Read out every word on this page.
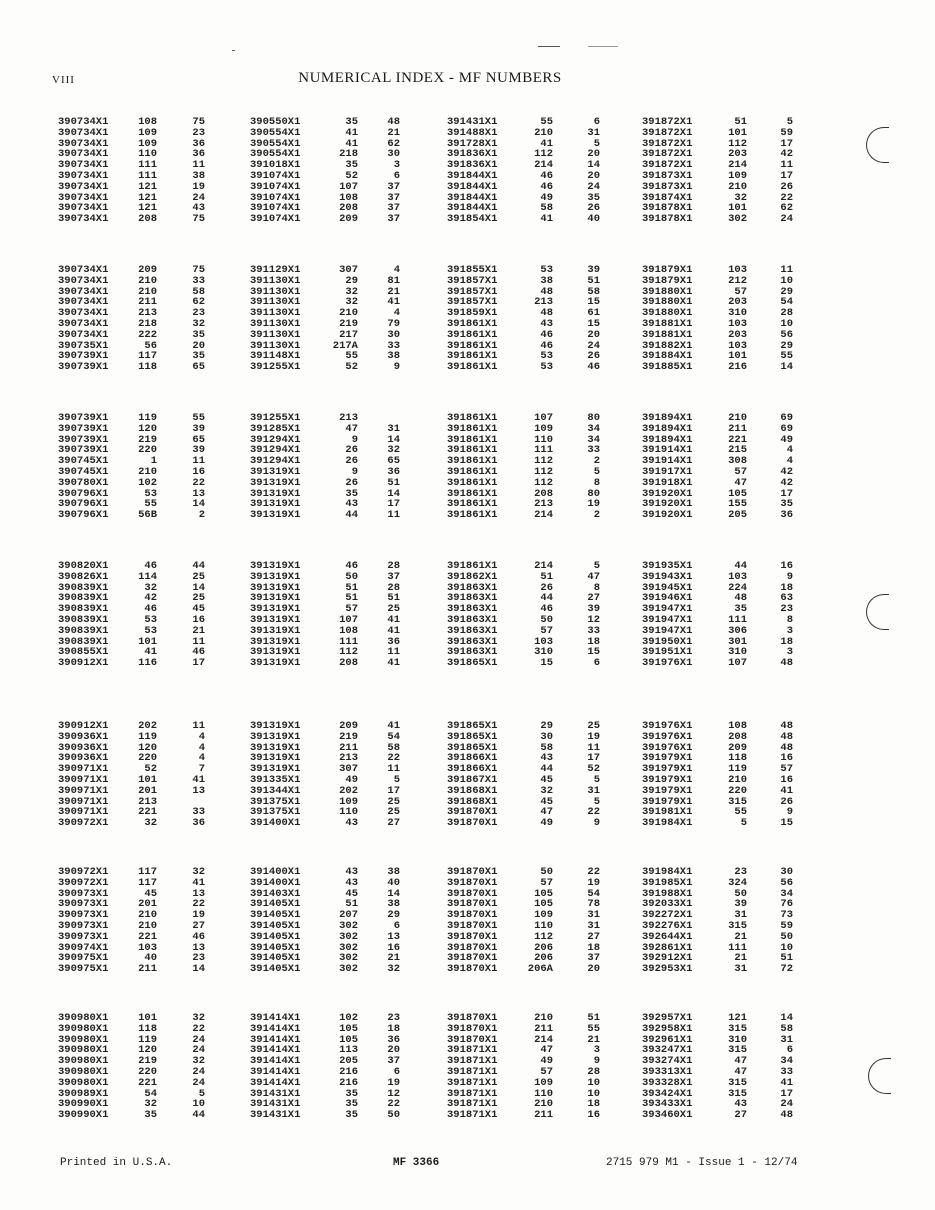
VIII	NUMERICAL INDEX - MF NUMBERS
390734X1	108	75
390734X1	109	23
390734X1	109	36
390734X1	110	36
390734X1	111	11
390734X1	111	38
390734X1	121	19
390734X1	121	24
390734X1	121	43
390734X1	208	75
390550X1	35	48
390554X1	41	21
390554X1	41	62
390554X1	218	30
391018X1	35	3
391074X1	52	6
391074X1	107	37
391074X1	108	37
391074X1	208	37
391074X1	209	37
391431X1	55	6
391488X1	210	31
391728X1	41	5
391836X1	112	20
391836X1	214	14
391844X1	46	20
391844X1	46	24
391844X1	49	35
391844X1	58	26
391854X1	41	40
391872X1	51	5
391872X1	101	59
391872X1	112	17
391872X1	203	42
391872X1	214	11
391873X1	109	17
391873X1	210	26
391874X1	32	22
391878X1	101	62
391878X1	302	24
390734X1	209	75
390734X1	210	33
390734X1	210	58
390734X1	211	62
390734X1	213	23
390734X1	218	32
390734X1	222	35
390735X1	56	20
390739X1	117	35
390739X1	118	65
391129X1	307	4
391130X1	29	81
391130X1	32	21
391130X1	32	41
391130X1	210	4
391130X1	219	79
391130X1	217	30
391130X1	217A	33
391148X1	55	38
391255X1	52	9
391855X1	53	39
391857X1	38	51
391857X1	48	58
391857X1	213	15
391859X1	48	61
391861X1	43	15
391861X1	46	20
391861X1	46	24
391861X1	53	26
391861X1	53	46
391879X1	103	11
391879X1	212	10
391880X1	57	29
391880X1	203	54
391880X1	310	28
391881X1	103	10
391881X1	203	56
391882X1	103	29
391884X1	101	55
391885X1	216	14
390739X1	119	55
390739X1	120	39
390739X1	219	65
390739X1	220	39
390745X1	1	11
390745X1	210	16
390780X1	102	22
390796X1	53	13
390796X1	55	14
390796X1	56B	2
391255X1	213
391285X1	47	31
391294X1	9	14
391294X1	26	32
391294X1	26	65
391319X1	9	36
391319X1	26	51
391319X1	35	14
391319X1	43	17
391319X1	44	11
391861X1	107	80
391861X1	109	34
391861X1	110	34
391861X1	111	33
391861X1	112	2
391861X1	112	5
391861X1	112	8
391861X1	208	80
391861X1	213	19
391861X1	214	2
391894X1	210	69
391894X1	211	69
391894X1	221	49
391914X1	215	4
391914X1	308	4
391917X1	57	42
391918X1	47	42
391920X1	105	17
391920X1	155	35
391920X1	205	36
390820X1	46	44
390826X1	114	25
390839X1	32	14
390839X1	42	25
390839X1	46	45
390839X1	53	16
390839X1	53	21
390839X1	101	11
390855X1	41	46
390912X1	116	17
391319X1	46	28
391319X1	50	37
391319X1	51	28
391319X1	51	51
391319X1	57	25
391319X1	107	41
391319X1	108	41
391319X1	111	36
391319X1	112	11
391319X1	208	41
391861X1	214	5
391862X1	51	47
391863X1	26	8
391863X1	44	27
391863X1	46	39
391863X1	50	12
391863X1	57	33
391863X1	103	18
391863X1	310	15
391865X1	15	6
391935X1	44	16
391943X1	103	9
391945X1	224	18
391946X1	48	63
391947X1	35	23
391947X1	111	8
391947X1	306	3
391950X1	301	18
391951X1	310	3
391976X1	107	48
390912X1	202	11
390936X1	119	4
390936X1	120	4
390936X1	220	4
390971X1	52	7
390971X1	101	41
390971X1	201	13
390971X1	213
390971X1	221	33
390972X1	32	36
391319X1	209	41
391319X1	219	54
391319X1	211	58
391319X1	213	22
391319X1	307	11
391335X1	49	5
391344X1	202	17
391375X1	109	25
391375X1	110	25
391400X1	43	27
391865X1	29	25
391865X1	30	19
391865X1	58	11
391866X1	43	17
391866X1	44	52
391867X1	45	5
391868X1	32	31
391868X1	45	5
391870X1	47	22
391870X1	49	9
391976X1	108	48
391976X1	208	48
391976X1	209	48
391979X1	118	16
391979X1	119	57
391979X1	210	16
391979X1	220	41
391979X1	315	26
391981X1	55	9
391984X1	5	15
390972X1	117	32
390972X1	117	41
390973X1	45	13
390973X1	201	22
390973X1	210	19
390973X1	210	27
390973X1	221	46
390974X1	103	13
390975X1	40	23
390975X1	211	14
391400X1	43	38
391400X1	43	40
391403X1	45	14
391405X1	51	38
391405X1	207	29
391405X1	302	6
391405X1	302	13
391405X1	302	16
391405X1	302	21
391405X1	302	32
391870X1	50	22
391870X1	57	19
391870X1	105	54
391870X1	105	78
391870X1	109	31
391870X1	110	31
391870X1	112	27
391870X1	206	18
391870X1	206	37
391870X1	206A	20
391984X1	23	30
391985X1	324	56
391988X1	50	34
392033X1	39	76
392272X1	31	73
392276X1	315	59
392644X1	21	50
392861X1	111	10
392912X1	21	51
392953X1	31	72
390980X1	101	32
390980X1	118	22
390980X1	119	24
390980X1	120	24
390980X1	219	32
390980X1	220	24
390980X1	221	24
390989X1	54	5
390990X1	32	10
390990X1	35	44
391414X1	102	23
391414X1	105	18
391414X1	105	36
391414X1	113	20
391414X1	205	37
391414X1	216	6
391414X1	216	19
391431X1	35	12
391431X1	35	22
391431X1	35	50
391870X1	210	51
391870X1	211	55
391870X1	214	21
391871X1	47	3
391871X1	49	9
391871X1	57	28
391871X1	109	10
391871X1	110	10
391871X1	210	18
391871X1	211	16
392957X1	121	14
392958X1	315	58
392961X1	310	31
393247X1	315	6
393274X1	47	34
393313X1	47	33
393328X1	315	41
393424X1	315	17
393433X1	43	24
393460X1	27	48
Printed in U.S.A.	MF 3366	2715 979 M1 - Issue 1 - 12/74
